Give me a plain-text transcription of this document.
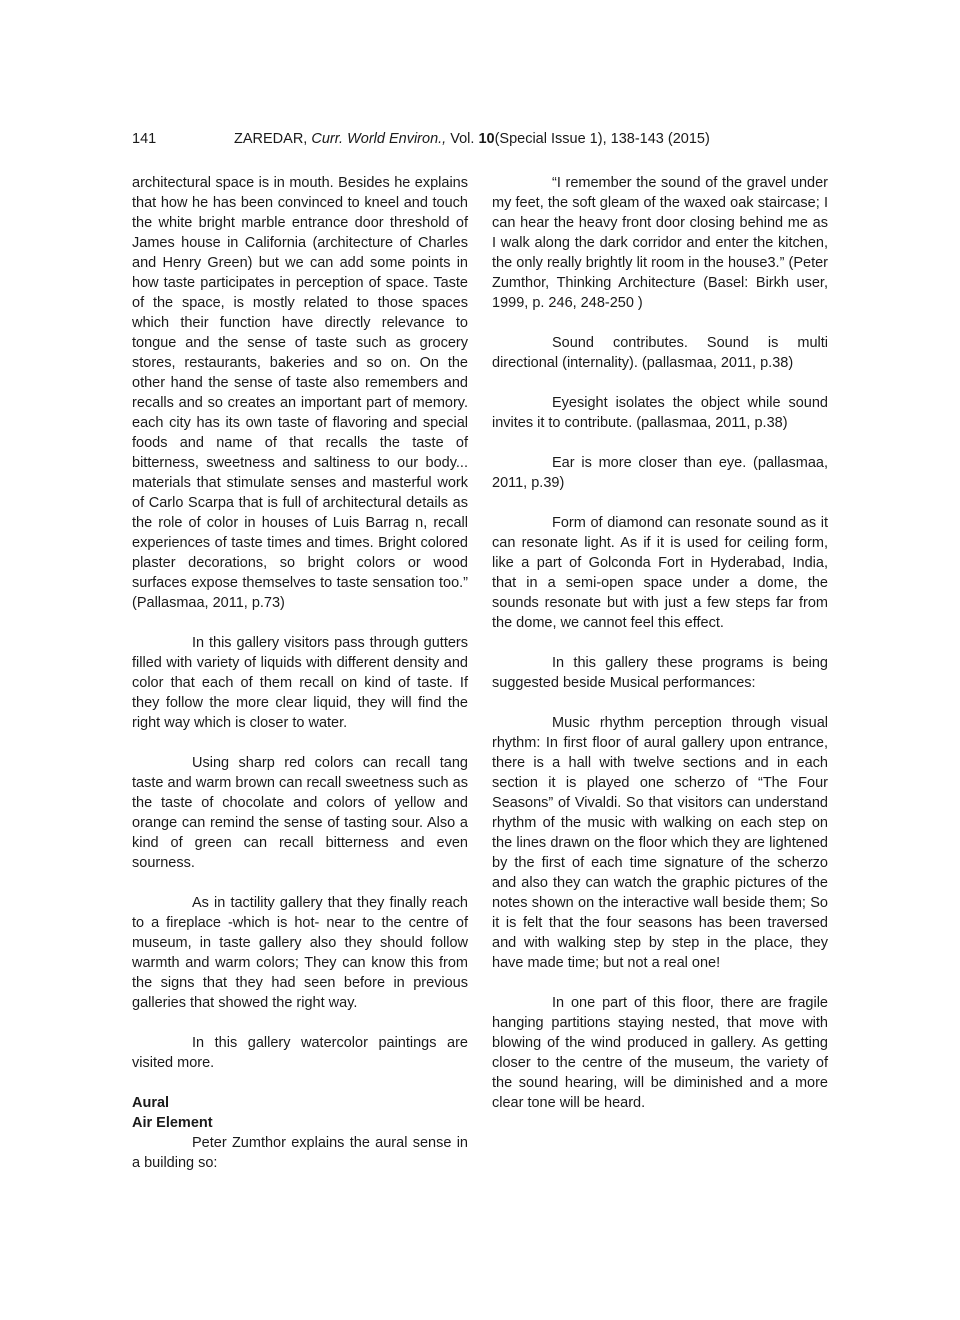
141	ZAREDAR, Curr. World Environ., Vol. 10(Special Issue 1), 138-143 (2015)

architectural space is in mouth. Besides he explains that how he has been convinced to kneel and touch the white bright marble entrance door threshold of James house in California (architecture of Charles and Henry Green) but we can add some points in how taste participates in perception of space. Taste of the space, is mostly related to those spaces which their function have directly relevance to tongue and the sense of taste such as grocery stores, restaurants, bakeries and so on. On the other hand the sense of taste also remembers and recalls and so creates an important part of memory. each city has its own taste of flavoring and special foods and name of that recalls the taste of bitterness, sweetness and saltiness to our body... materials that stimulate senses and masterful work of Carlo Scarpa that is full of architectural details as the role of color in houses of Luis Barrag n, recall experiences of taste times and times. Bright colored plaster decorations, so bright colors or wood surfaces expose themselves to taste sensation too.” (Pallasmaa, 2011, p.73)

In this gallery visitors pass through gutters filled with variety of liquids with different density and color that each of them recall on kind of taste. If they follow the more clear liquid, they will find the right way which is closer to water.

Using sharp red colors can recall tang taste and warm brown can recall sweetness such as the taste of chocolate and colors of yellow and orange can remind the sense of tasting sour. Also a kind of green can recall bitterness and even sourness.

As in tactility gallery that they finally reach to a fireplace -which is hot- near to the centre of museum, in taste gallery also they should follow warmth and warm colors; They can know this from the signs that they had seen before in previous galleries that showed the right way.

In this gallery watercolor paintings are visited more.

Aural
Air Element

Peter Zumthor explains the aural sense in a building so:

“I remember the sound of the gravel under my feet, the soft gleam of the waxed oak staircase; I can hear the heavy front door closing behind me as I walk along the dark corridor and enter the kitchen, the only really brightly lit room in the house3.” (Peter Zumthor, Thinking Architecture (Basel: Birkh user, 1999, p. 246, 248-250 )

Sound contributes. Sound is multi directional (internality). (pallasmaa, 2011, p.38)

Eyesight isolates the object while sound invites it to contribute. (pallasmaa, 2011, p.38)

Ear is more closer than eye. (pallasmaa, 2011, p.39)

Form of diamond can resonate sound as it can resonate light. As if it is used for ceiling form, like a part of Golconda Fort in Hyderabad, India, that in a semi-open space under a dome, the sounds resonate but with just a few steps far from the dome, we cannot feel this effect.

In this gallery these programs is being suggested beside Musical performances:

Music rhythm perception through visual rhythm: In first floor of aural gallery upon entrance, there is a hall with twelve sections and in each section it is played one scherzo of “The Four Seasons” of Vivaldi. So that visitors can understand rhythm of the music with walking on each step on the lines drawn on the floor which they are lightened by the first of each time signature of the scherzo and also they can watch the graphic pictures of the notes shown on the interactive wall beside them; So it is felt that the four seasons has been traversed and with walking step by step in the place, they have made time; but not a real one!

In one part of this floor, there are fragile hanging partitions staying nested, that move with blowing of the wind produced in gallery. As getting closer to the centre of the museum, the variety of the sound hearing, will be diminished and a more clear tone will be heard.
